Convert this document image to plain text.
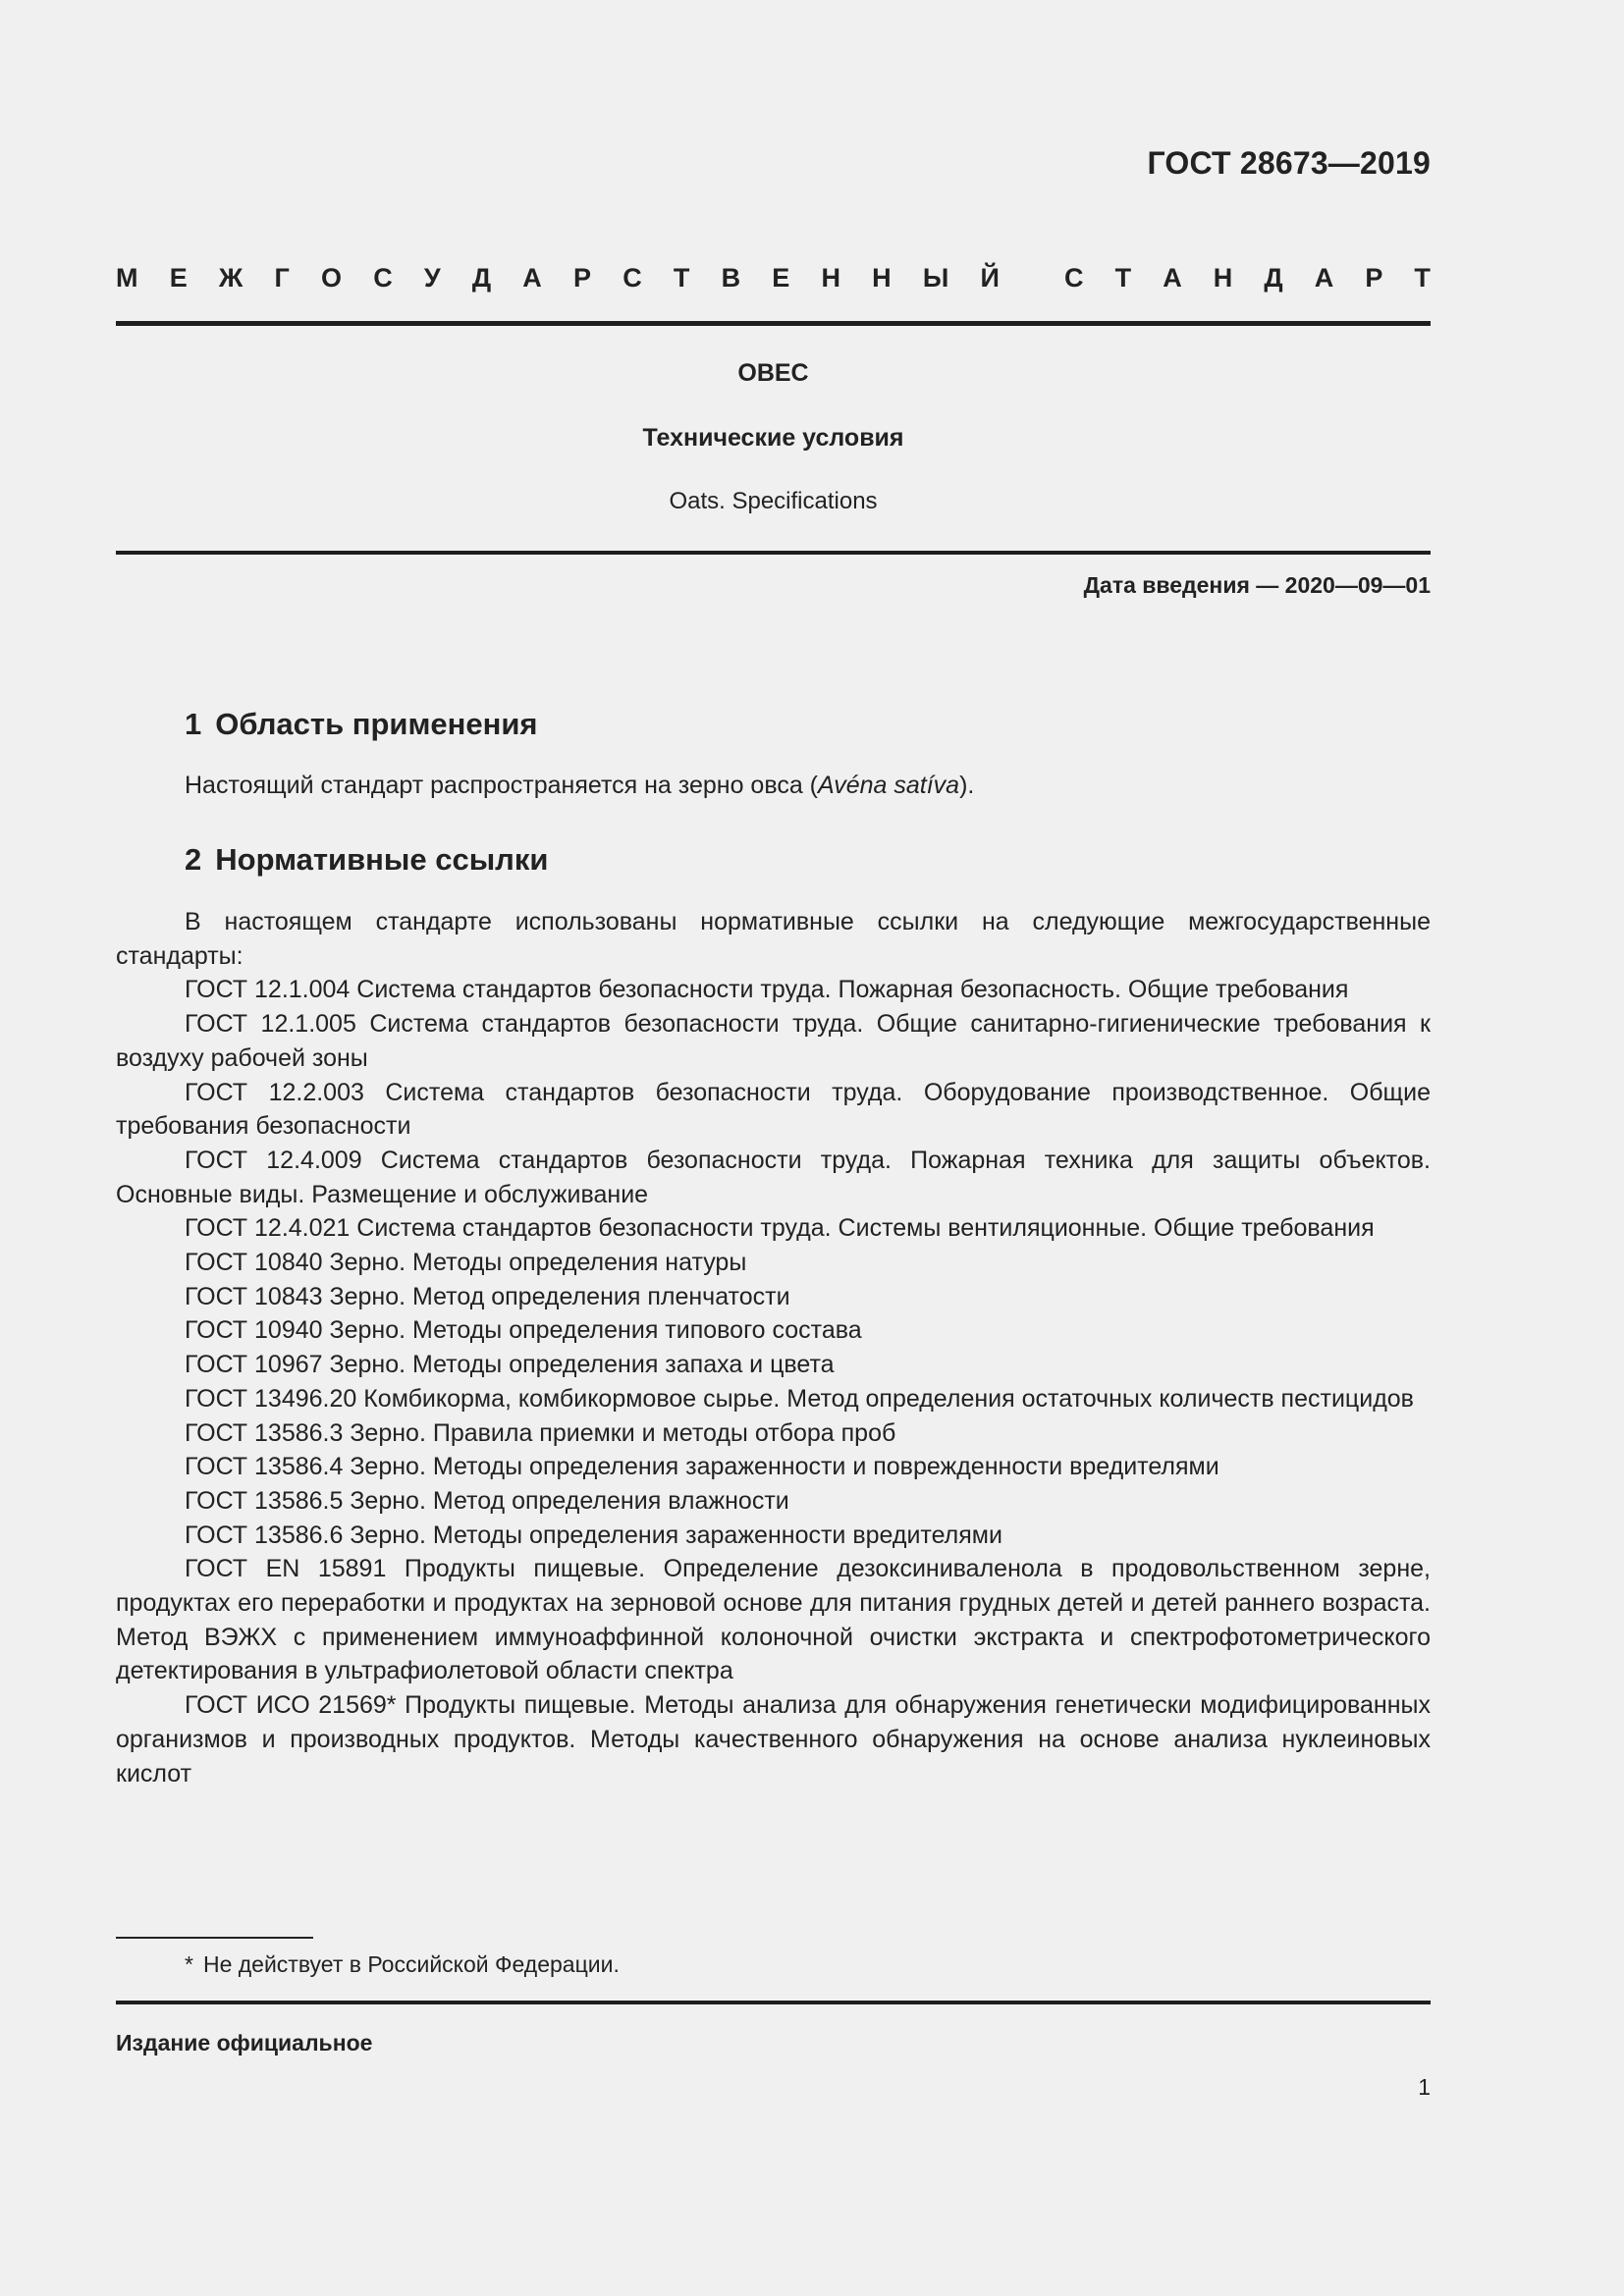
ГОСТ 28673—2019
М Е Ж Г О С У Д А Р С Т В Е Н Н Ы Й С Т А Н Д А Р Т
ОВЕС
Технические условия
Oats. Specifications
Дата введения — 2020—09—01
1 Область применения
Настоящий стандарт распространяется на зерно овса (Avéna satíva).
2 Нормативные ссылки

В настоящем стандарте использованы нормативные ссылки на следующие межгосударственные стандарты:

ГОСТ 12.1.004 Система стандартов безопасности труда. Пожарная безопасность. Общие требования

ГОСТ 12.1.005 Система стандартов безопасности труда. Общие санитарно-гигиенические требования к воздуху рабочей зоны

ГОСТ 12.2.003 Система стандартов безопасности труда. Оборудование производственное. Общие требования безопасности

ГОСТ 12.4.009 Система стандартов безопасности труда. Пожарная техника для защиты объектов. Основные виды. Размещение и обслуживание

ГОСТ 12.4.021 Система стандартов безопасности труда. Системы вентиляционные. Общие требования

ГОСТ 10840 Зерно. Методы определения натуры

ГОСТ 10843 Зерно. Метод определения пленчатости

ГОСТ 10940 Зерно. Методы определения типового состава

ГОСТ 10967 Зерно. Методы определения запаха и цвета

ГОСТ 13496.20 Комбикорма, комбикормовое сырье. Метод определения остаточных количеств пестицидов

ГОСТ 13586.3 Зерно. Правила приемки и методы отбора проб

ГОСТ 13586.4 Зерно. Методы определения зараженности и поврежденности вредителями

ГОСТ 13586.5 Зерно. Метод определения влажности

ГОСТ 13586.6 Зерно. Методы определения зараженности вредителями

ГОСТ EN 15891 Продукты пищевые. Определение дезоксиниваленола в продовольственном зерне, продуктах его переработки и продуктах на зерновой основе для питания грудных детей и детей раннего возраста. Метод ВЭЖХ с применением иммуноаффинной колоночной очистки экстракта и спектрофотометрического детектирования в ультрафиолетовой области спектра

ГОСТ ИСО 21569* Продукты пищевые. Методы анализа для обнаружения генетически модифицированных организмов и производных продуктов. Методы качественного обнаружения на основе анализа нуклеиновых кислот

* Не действует в Российской Федерации.
Издание официальное
1
